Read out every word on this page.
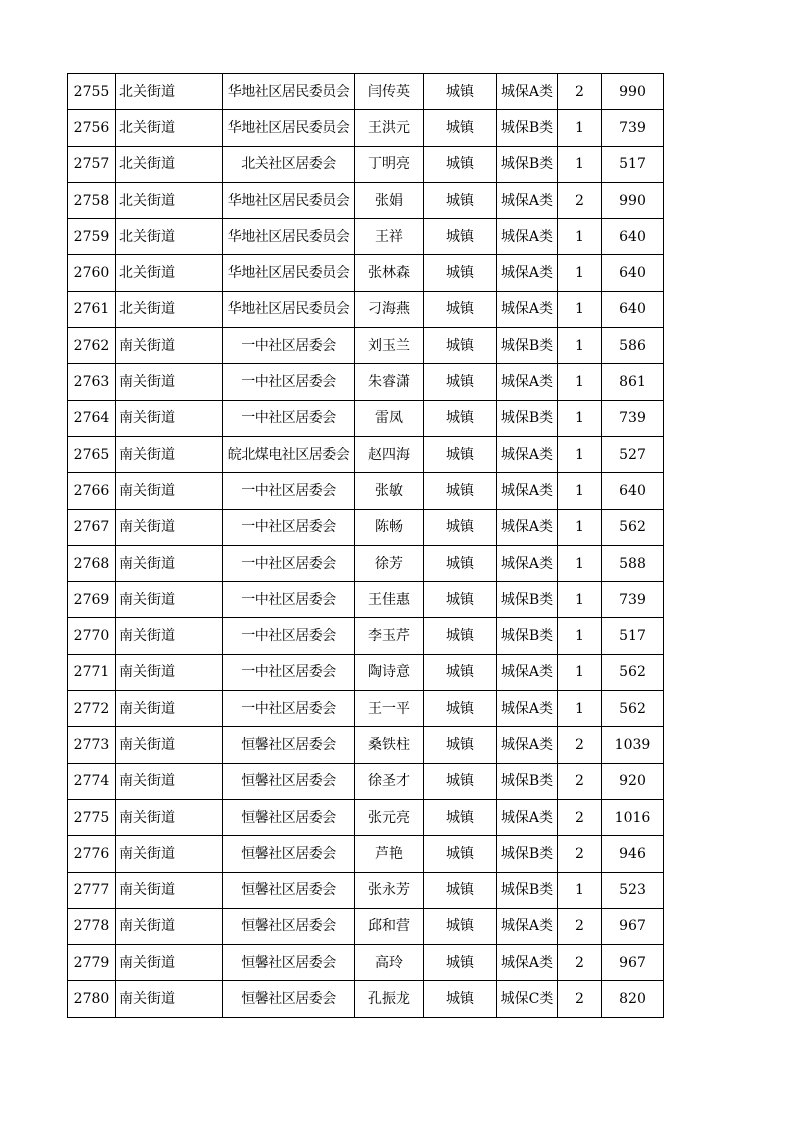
2755	北关街道	华地社区居民委员会	闫传英	城镇	城保A类	2	990
2756	北关街道	华地社区居民委员会	王洪元	城镇	城保B类	1	739
2757	北关街道	北关社区居委会	丁明亮	城镇	城保B类	1	517
2758	北关街道	华地社区居民委员会	张娟	城镇	城保A类	2	990
2759	北关街道	华地社区居民委员会	王祥	城镇	城保A类	1	640
2760	北关街道	华地社区居民委员会	张林森	城镇	城保A类	1	640
2761	北关街道	华地社区居民委员会	刁海燕	城镇	城保A类	1	640
2762	南关街道	一中社区居委会	刘玉兰	城镇	城保B类	1	586
2763	南关街道	一中社区居委会	朱睿潇	城镇	城保A类	1	861
2764	南关街道	一中社区居委会	雷凤	城镇	城保B类	1	739
2765	南关街道	皖北煤电社区居委会	赵四海	城镇	城保A类	1	527
2766	南关街道	一中社区居委会	张敏	城镇	城保A类	1	640
2767	南关街道	一中社区居委会	陈畅	城镇	城保A类	1	562
2768	南关街道	一中社区居委会	徐芳	城镇	城保A类	1	588
2769	南关街道	一中社区居委会	王佳惠	城镇	城保B类	1	739
2770	南关街道	一中社区居委会	李玉芹	城镇	城保B类	1	517
2771	南关街道	一中社区居委会	陶诗意	城镇	城保A类	1	562
2772	南关街道	一中社区居委会	王一平	城镇	城保A类	1	562
2773	南关街道	恒馨社区居委会	桑铁柱	城镇	城保A类	2	1039
2774	南关街道	恒馨社区居委会	徐圣才	城镇	城保B类	2	920
2775	南关街道	恒馨社区居委会	张元亮	城镇	城保A类	2	1016
2776	南关街道	恒馨社区居委会	芦艳	城镇	城保B类	2	946
2777	南关街道	恒馨社区居委会	张永芳	城镇	城保B类	1	523
2778	南关街道	恒馨社区居委会	邱和营	城镇	城保A类	2	967
2779	南关街道	恒馨社区居委会	高玲	城镇	城保A类	2	967
2780	南关街道	恒馨社区居委会	孔振龙	城镇	城保C类	2	820
